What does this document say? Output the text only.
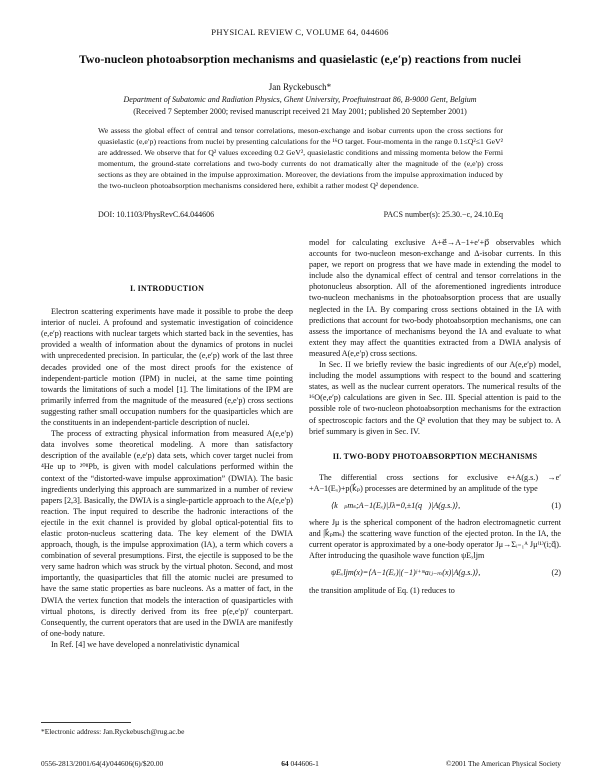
PHYSICAL REVIEW C, VOLUME 64, 044606
Two-nucleon photoabsorption mechanisms and quasielastic (e,e′p) reactions from nuclei
Jan Ryckebusch*
Department of Subatomic and Radiation Physics, Ghent University, Proeftuinstraat 86, B-9000 Gent, Belgium
(Received 7 September 2000; revised manuscript received 21 May 2001; published 20 September 2001)
We assess the global effect of central and tensor correlations, meson-exchange and isobar currents upon the cross sections for quasielastic (e,e′p) reactions from nuclei by presenting calculations for the ¹⁶O target. Four-momenta in the range 0.1≤Q²≤1 GeV² are addressed. We observe that for Q² values exceeding 0.2 GeV², quasielastic conditions and missing momenta below the Fermi momentum, the ground-state correlations and two-body currents do not dramatically alter the magnitude of the (e,e′p) cross sections as they are obtained in the impulse approximation. Moreover, the deviations from the impulse approximation induced by the two-nucleon photoabsorption mechanisms considered here, exhibit a rather modest Q² dependence.
DOI: 10.1103/PhysRevC.64.044606	PACS number(s): 25.30.−c, 24.10.Eq
I. INTRODUCTION

Electron scattering experiments have made it possible to probe the deep interior of nuclei. A profound and systematic investigation of coincidence (e,e′p) reactions with nuclear targets which started back in the seventies, has provided a wealth of information about the dynamics of protons in nuclei with unprecedented precision. In particular, the (e,e′p) work of the last three decades provided one of the most direct proofs for the existence of independent-particle motion (IPM) in nuclei, at the same time pointing towards the limitations of such a model [1]. The limitations of the IPM are primarily inferred from the magnitude of the measured (e,e′p) cross sections suggesting rather small occupation numbers for the quasiparticles which are the constituents in an independent-particle description of nuclei.

The process of extracting physical information from measured A(e,e′p) data involves some theoretical modeling. A more than satisfactory description of the available (e,e′p) data sets, which cover target nuclei from ⁴He up to ²⁰⁸Pb, is given with model calculations performed within the context of the “distorted-wave impulse approximation” (DWIA). The basic ingredients underlying this approach are summarized in a number of review papers [2,3]. Basically, the DWIA is a single-particle approach to the A(e,e′p) reaction. The input required to describe the hadronic interactions of the ejectile in the exit channel is provided by global optical-potential fits to elastic proton-nucleus scattering data. The key element of the DWIA approach, though, is the impulse approximation (IA), a term which covers a combination of several presumptions. First, the ejectile is supposed to be the very same hadron which was struck by the virtual photon. Second, and most importantly, the quasiparticles that fill the atomic nuclei are presumed to have the same static properties as bare nucleons. As a matter of fact, in the DWIA the vertex function that models the interaction of quasiparticles with virtual photons, is directly derived from its free p(e,e′p)′ counterpart. Consequently, the current operators that are used in the DWIA are manifestly of one-body nature.

In Ref. [4] we have developed a nonrelativistic dynamical

model for calculating exclusive A+e⃗→A−1+e′+p⃗ observables which accounts for two-nucleon meson-exchange and Δ-isobar currents. In this paper, we report on progress that we have made in extending the model to include also the dynamical effect of central and tensor correlations in the photonucleus absorption. All of the aforementioned ingredients introduce two-nucleon mechanisms in the photoabsorption process that are usually neglected in the IA. By comparing cross sections obtained in the IA with predictions that account for two-body photoabsorption mechanisms, one can assess the importance of mechanisms beyond the IA and evaluate to what extent they may affect the quantities extracted from a DWIA analysis of measured A(e,e′p) cross sections.

In Sec. II we briefly review the basic ingredients of our A(e,e′p) model, including the model assumptions with respect to the bound and scattering states, as well as the nuclear current operators. The numerical results of the ¹⁶O(e,e′p) calculations are given in Sec. III. Special attention is paid to the possible role of two-nucleon photoabsorption mechanisms for the extraction of spectroscopic factors and the Q² evolution that they may be subject to. A brief summary is given in Sec. IV.

II. TWO-BODY PHOTOABSORPTION MECHANISMS

The differential cross sections for exclusive e+A(g.s.) →e′+A−1(Eₓ)+p(k⃗ₚ) processes are determined by an amplitude of the type

⟨k⃗ₚmₛ;A−1(Eₓ)|Jλ=0,±1(q⃗)|A(g.s.)⟩,	(1)

where Jμ is the spherical component of the hadron electromagnetic current and |k⃗ₚmₛ⟩ the scattering wave function of the ejected proton. In the IA, the current operator is approximated by a one-body operator Jμ→Σᵢ₌₁ᴬ Jμ⁽¹⁾(i;q⃗). After introducing the quasihole wave function ψEₓljm

ψEₓljm(x)=⟨A−1(Eₓ)|(−1)ʲ⁺ᵐaₗⱼ₋ₘ(x)|A(g.s.)⟩,	(2)

the transition amplitude of Eq. (1) reduces to

*Electronic address: Jan.Ryckebusch@rug.ac.be
0556-2813/2001/64(4)/044606(6)/$20.00	64 044606-1	©2001 The American Physical Society
